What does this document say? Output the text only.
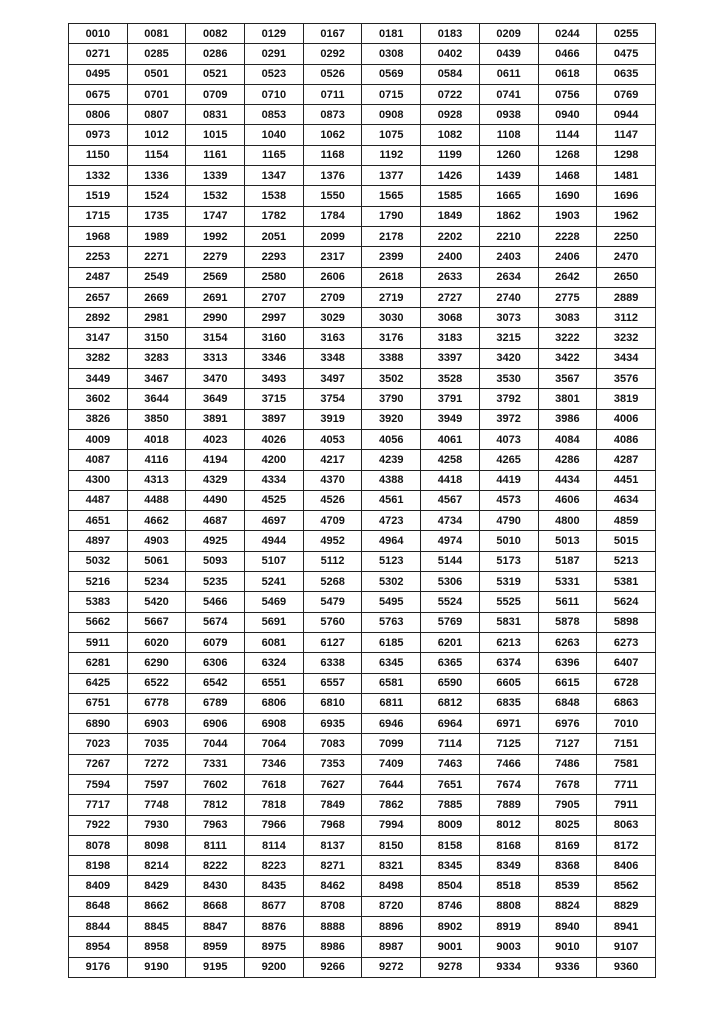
0010	0081	0082	0129	0167	0181	0183	0209	0244	0255
0271	0285	0286	0291	0292	0308	0402	0439	0466	0475
0495	0501	0521	0523	0526	0569	0584	0611	0618	0635
0675	0701	0709	0710	0711	0715	0722	0741	0756	0769
0806	0807	0831	0853	0873	0908	0928	0938	0940	0944
0973	1012	1015	1040	1062	1075	1082	1108	1144	1147
1150	1154	1161	1165	1168	1192	1199	1260	1268	1298
1332	1336	1339	1347	1376	1377	1426	1439	1468	1481
1519	1524	1532	1538	1550	1565	1585	1665	1690	1696
1715	1735	1747	1782	1784	1790	1849	1862	1903	1962
1968	1989	1992	2051	2099	2178	2202	2210	2228	2250
2253	2271	2279	2293	2317	2399	2400	2403	2406	2470
2487	2549	2569	2580	2606	2618	2633	2634	2642	2650
2657	2669	2691	2707	2709	2719	2727	2740	2775	2889
2892	2981	2990	2997	3029	3030	3068	3073	3083	3112
3147	3150	3154	3160	3163	3176	3183	3215	3222	3232
3282	3283	3313	3346	3348	3388	3397	3420	3422	3434
3449	3467	3470	3493	3497	3502	3528	3530	3567	3576
3602	3644	3649	3715	3754	3790	3791	3792	3801	3819
3826	3850	3891	3897	3919	3920	3949	3972	3986	4006
4009	4018	4023	4026	4053	4056	4061	4073	4084	4086
4087	4116	4194	4200	4217	4239	4258	4265	4286	4287
4300	4313	4329	4334	4370	4388	4418	4419	4434	4451
4487	4488	4490	4525	4526	4561	4567	4573	4606	4634
4651	4662	4687	4697	4709	4723	4734	4790	4800	4859
4897	4903	4925	4944	4952	4964	4974	5010	5013	5015
5032	5061	5093	5107	5112	5123	5144	5173	5187	5213
5216	5234	5235	5241	5268	5302	5306	5319	5331	5381
5383	5420	5466	5469	5479	5495	5524	5525	5611	5624
5662	5667	5674	5691	5760	5763	5769	5831	5878	5898
5911	6020	6079	6081	6127	6185	6201	6213	6263	6273
6281	6290	6306	6324	6338	6345	6365	6374	6396	6407
6425	6522	6542	6551	6557	6581	6590	6605	6615	6728
6751	6778	6789	6806	6810	6811	6812	6835	6848	6863
6890	6903	6906	6908	6935	6946	6964	6971	6976	7010
7023	7035	7044	7064	7083	7099	7114	7125	7127	7151
7267	7272	7331	7346	7353	7409	7463	7466	7486	7581
7594	7597	7602	7618	7627	7644	7651	7674	7678	7711
7717	7748	7812	7818	7849	7862	7885	7889	7905	7911
7922	7930	7963	7966	7968	7994	8009	8012	8025	8063
8078	8098	8111	8114	8137	8150	8158	8168	8169	8172
8198	8214	8222	8223	8271	8321	8345	8349	8368	8406
8409	8429	8430	8435	8462	8498	8504	8518	8539	8562
8648	8662	8668	8677	8708	8720	8746	8808	8824	8829
8844	8845	8847	8876	8888	8896	8902	8919	8940	8941
8954	8958	8959	8975	8986	8987	9001	9003	9010	9107
9176	9190	9195	9200	9266	9272	9278	9334	9336	9360
